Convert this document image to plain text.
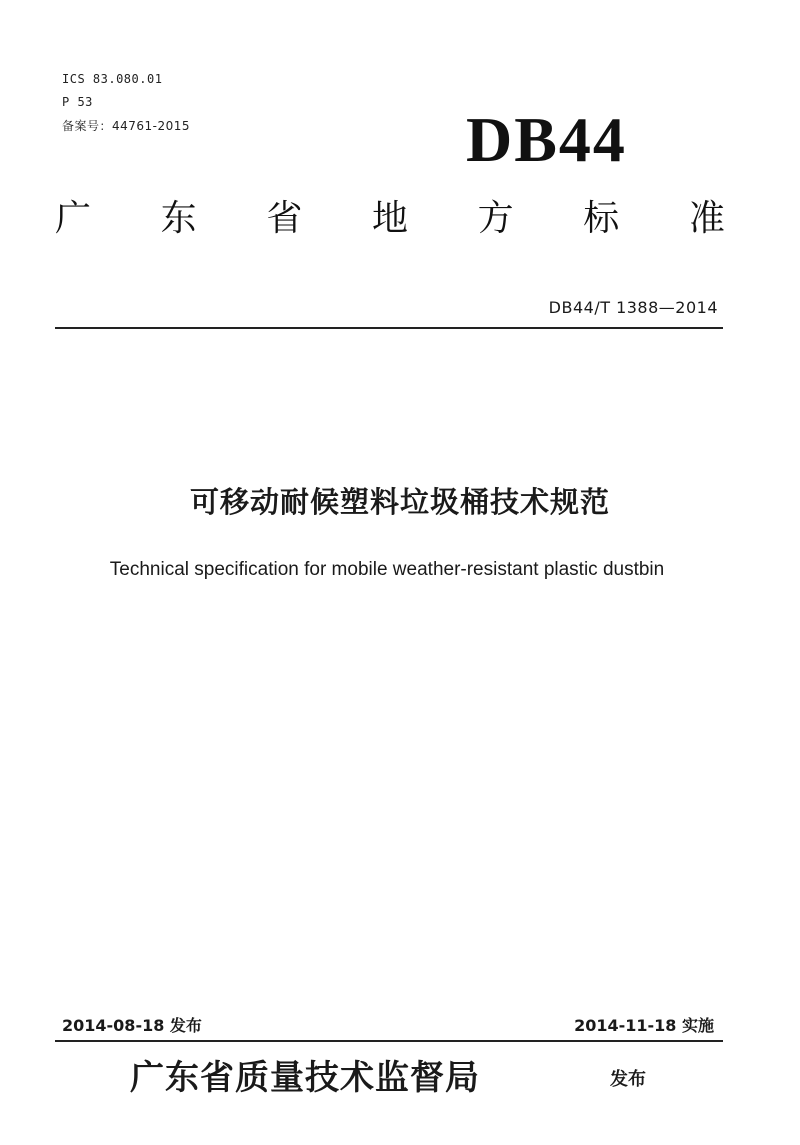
ICS 83.080.01
P 53
备案号：44761-2015	DB44
广 东 省 地 方 标 准
DB44/T 1388—2014
可移动耐候塑料垃圾桶技术规范
Technical specification for mobile weather-resistant plastic dustbin
2014-08-18 发布	2014-11-18 实施
广东省质量技术监督局	发布
